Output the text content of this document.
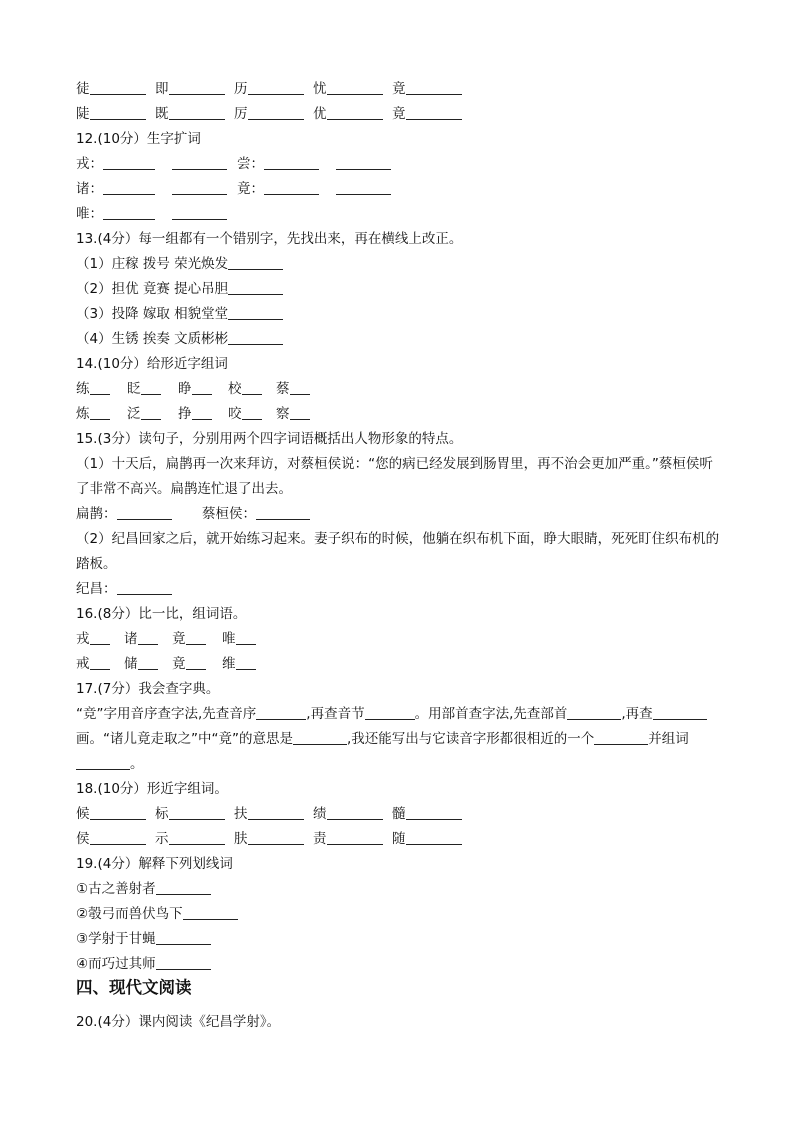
徒	即	历	忧	竟
陡	既	厉	优	竟
12.(10分）生字扩词
戎：	尝：
诸：	竟：
唯：
13.(4分）每一组都有一个错别字，先找出来，再在横线上改正。
（1）庄稼 拨号 荣光焕发
（2）担优 竟赛 提心吊胆
（3）投降 嫁取 相貌堂堂
（4）生锈 挨奏 文质彬彬
14.(10分）给形近字组词
练	眨	睁	校	蔡
炼	泛	挣	咬	察
15.(3分）读句子，分别用两个四字词语概括出人物形象的特点。
（1）十天后，扁鹊再一次来拜访，对蔡桓侯说：“您的病已经发展到肠胃里，再不治会更加严重。”蔡桓侯听了非常不高兴。扁鹊连忙退了出去。
扁鹊：	蔡桓侯：
（2）纪昌回家之后，就开始练习起来。妻子织布的时候，他躺在织布机下面，睁大眼睛，死死盯住织布机的踏板。
纪昌：
16.(8分）比一比，组词语。
戎	诸	竟	唯
戒	储	竟	维
17.(7分）我会查字典。
“竞”字用音序查字法,先查音序	,再查音节	。用部首查字法,先查部首	,再查画。“诸儿竟走取之”中“竟”的意思是	,我还能写出与它读音字形都很相近的一个	并组词。
18.(10分）形近字组词。
候	标	扶	绩	髓
侯	示	肤	责	随
19.(4分）解释下列划线词
①古之善射者
②彀弓而兽伏鸟下
③学射于甘蝇
④而巧过其师
四、现代文阅读
20.(4分）课内阅读《纪昌学射》。
